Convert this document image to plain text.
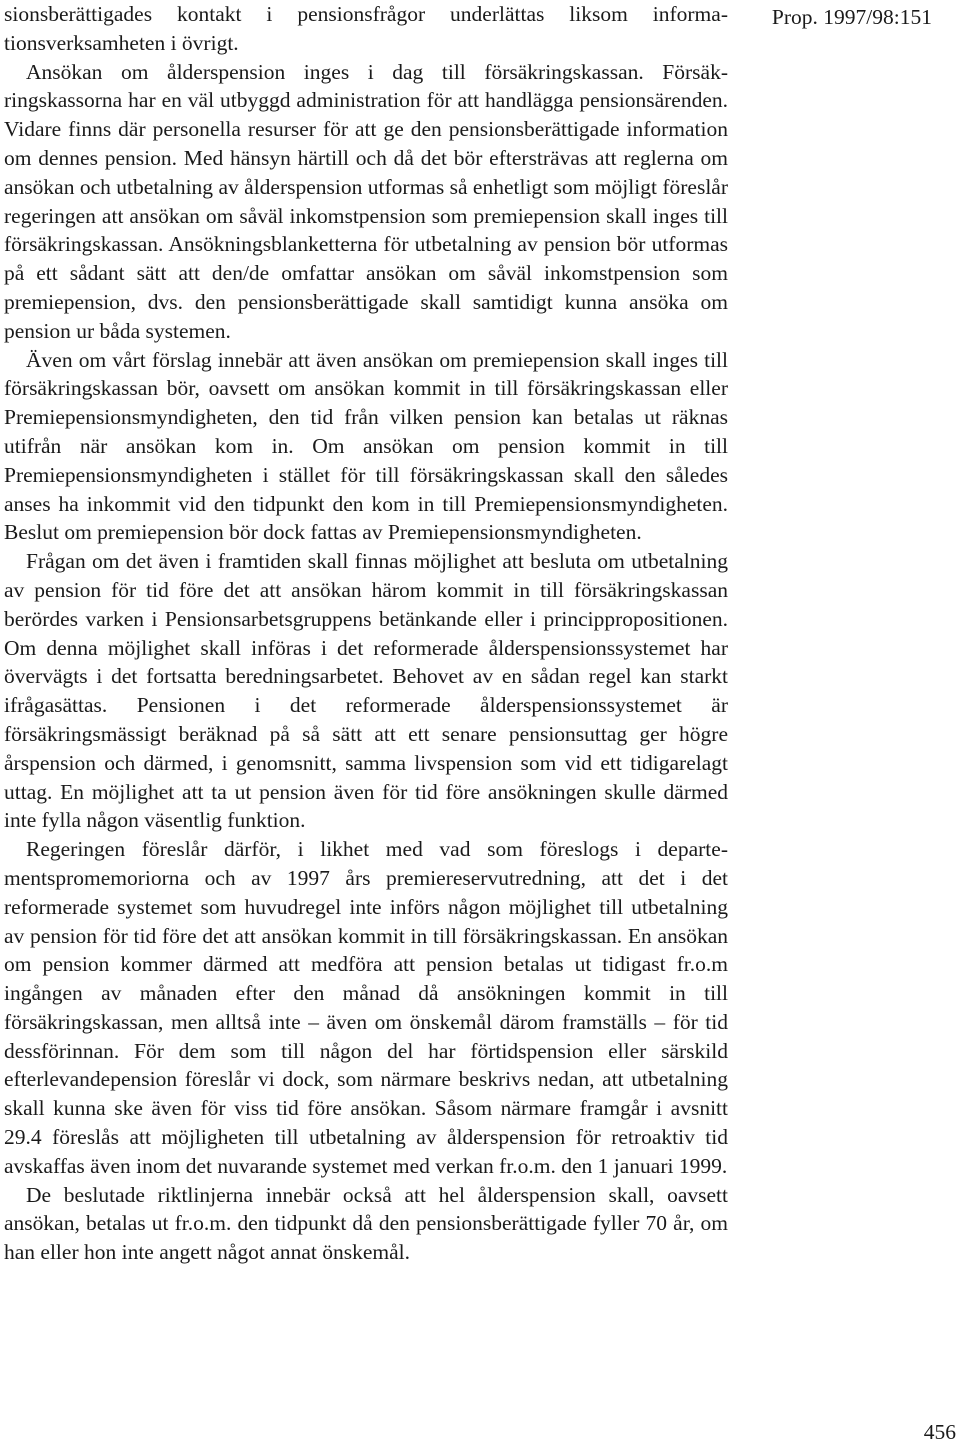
Prop. 1997/98:151

sionsberättigades kontakt i pensionsfrågor underlättas liksom informationsverksamheten i övrigt.

Ansökan om ålderspension inges i dag till försäkringskassan. Försäkringskassorna har en väl utbyggd administration för att handlägga pensionsärenden. Vidare finns där personella resurser för att ge den pensionsberättigade information om dennes pension. Med hänsyn härtill och då det bör eftersträvas att reglerna om ansökan och utbetalning av ålderspension utformas så enhetligt som möjligt föreslår regeringen att ansökan om såväl inkomstpension som premiepension skall inges till försäkringskassan. Ansökningsblanketterna för utbetalning av pension bör utformas på ett sådant sätt att den/de omfattar ansökan om såväl inkomstpension som premiepension, dvs. den pensionsberättigade skall samtidigt kunna ansöka om pension ur båda systemen.

Även om vårt förslag innebär att även ansökan om premiepension skall inges till försäkringskassan bör, oavsett om ansökan kommit in till försäkringskassan eller Premiepensionsmyndigheten, den tid från vilken pension kan betalas ut räknas utifrån när ansökan kom in. Om ansökan om pension kommit in till Premiepensionsmyndigheten i stället för till försäkringskassan skall den således anses ha inkommit vid den tidpunkt den kom in till Premiepensionsmyndigheten. Beslut om premiepension bör dock fattas av Premiepensionsmyndigheten.

Frågan om det även i framtiden skall finnas möjlighet att besluta om utbetalning av pension för tid före det att ansökan härom kommit in till försäkringskassan berördes varken i Pensionsarbetsgruppens betänkande eller i princippropositionen. Om denna möjlighet skall införas i det reformerade ålderspensionssystemet har övervägts i det fortsatta beredningsarbetet. Behovet av en sådan regel kan starkt ifrågasättas. Pensionen i det reformerade ålderspensionssystemet är försäkringsmässigt beräknad på så sätt att ett senare pensionsuttag ger högre årspension och därmed, i genomsnitt, samma livspension som vid ett tidigarelagt uttag. En möjlighet att ta ut pension även för tid före ansökningen skulle därmed inte fylla någon väsentlig funktion.

Regeringen föreslår därför, i likhet med vad som föreslogs i departementspromemoriorna och av 1997 års premiereservutredning, att det i det reformerade systemet som huvudregel inte införs någon möjlighet till utbetalning av pension för tid före det att ansökan kommit in till försäkringskassan. En ansökan om pension kommer därmed att medföra att pension betalas ut tidigast fr.o.m ingången av månaden efter den månad då ansökningen kommit in till försäkringskassan, men alltså inte – även om önskemål därom framställs – för tid dessförinnan. För dem som till någon del har förtidspension eller särskild efterlevandepension föreslår vi dock, som närmare beskrivs nedan, att utbetalning skall kunna ske även för viss tid före ansökan. Såsom närmare framgår i avsnitt 29.4 föreslås att möjligheten till utbetalning av ålderspension för retroaktiv tid avskaffas även inom det nuvarande systemet med verkan fr.o.m. den 1 januari 1999.

De beslutade riktlinjerna innebär också att hel ålderspension skall, oavsett ansökan, betalas ut fr.o.m. den tidpunkt då den pensionsberättigade fyller 70 år, om han eller hon inte angett något annat önskemål.

456
